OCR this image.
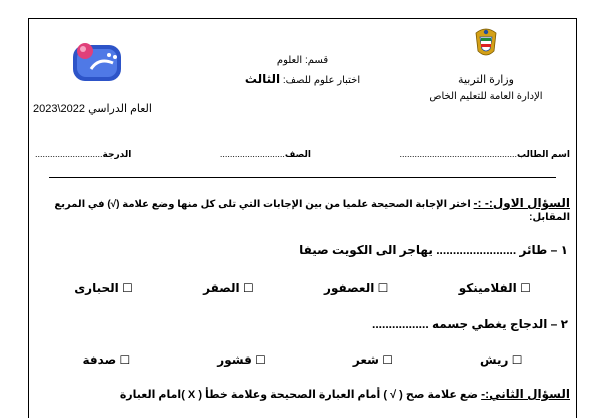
وزارة التربية
الإدارة العامة للتعليم الخاص
قسم: العلوم
اختبار علوم للصف: الثالث
العام الدراسي 2022\2023
اسم الطالب...............................................
الصف..........................
الدرجة...........................
السؤال الاول:- :- اختر الإجابة الصحيحة علميا من بين الإجابات التي تلى كل منها وضع علامة (√) في المربع المقابل:
١ – طائر ........................ يهاجر الى الكويت صيفا
☐ الفلامينكو
☐ العصفور
☐ الصقر
☐ الحبارى
٢ – الدجاج يغطي جسمه .................
☐ ريش
☐ شعر
☐ قشور
☐ صدفة
السؤال الثاني:- ضع علامة صح ( √ ) أمام العبارة الصحيحة وعلامة خطأ ( X )امام العبارة
